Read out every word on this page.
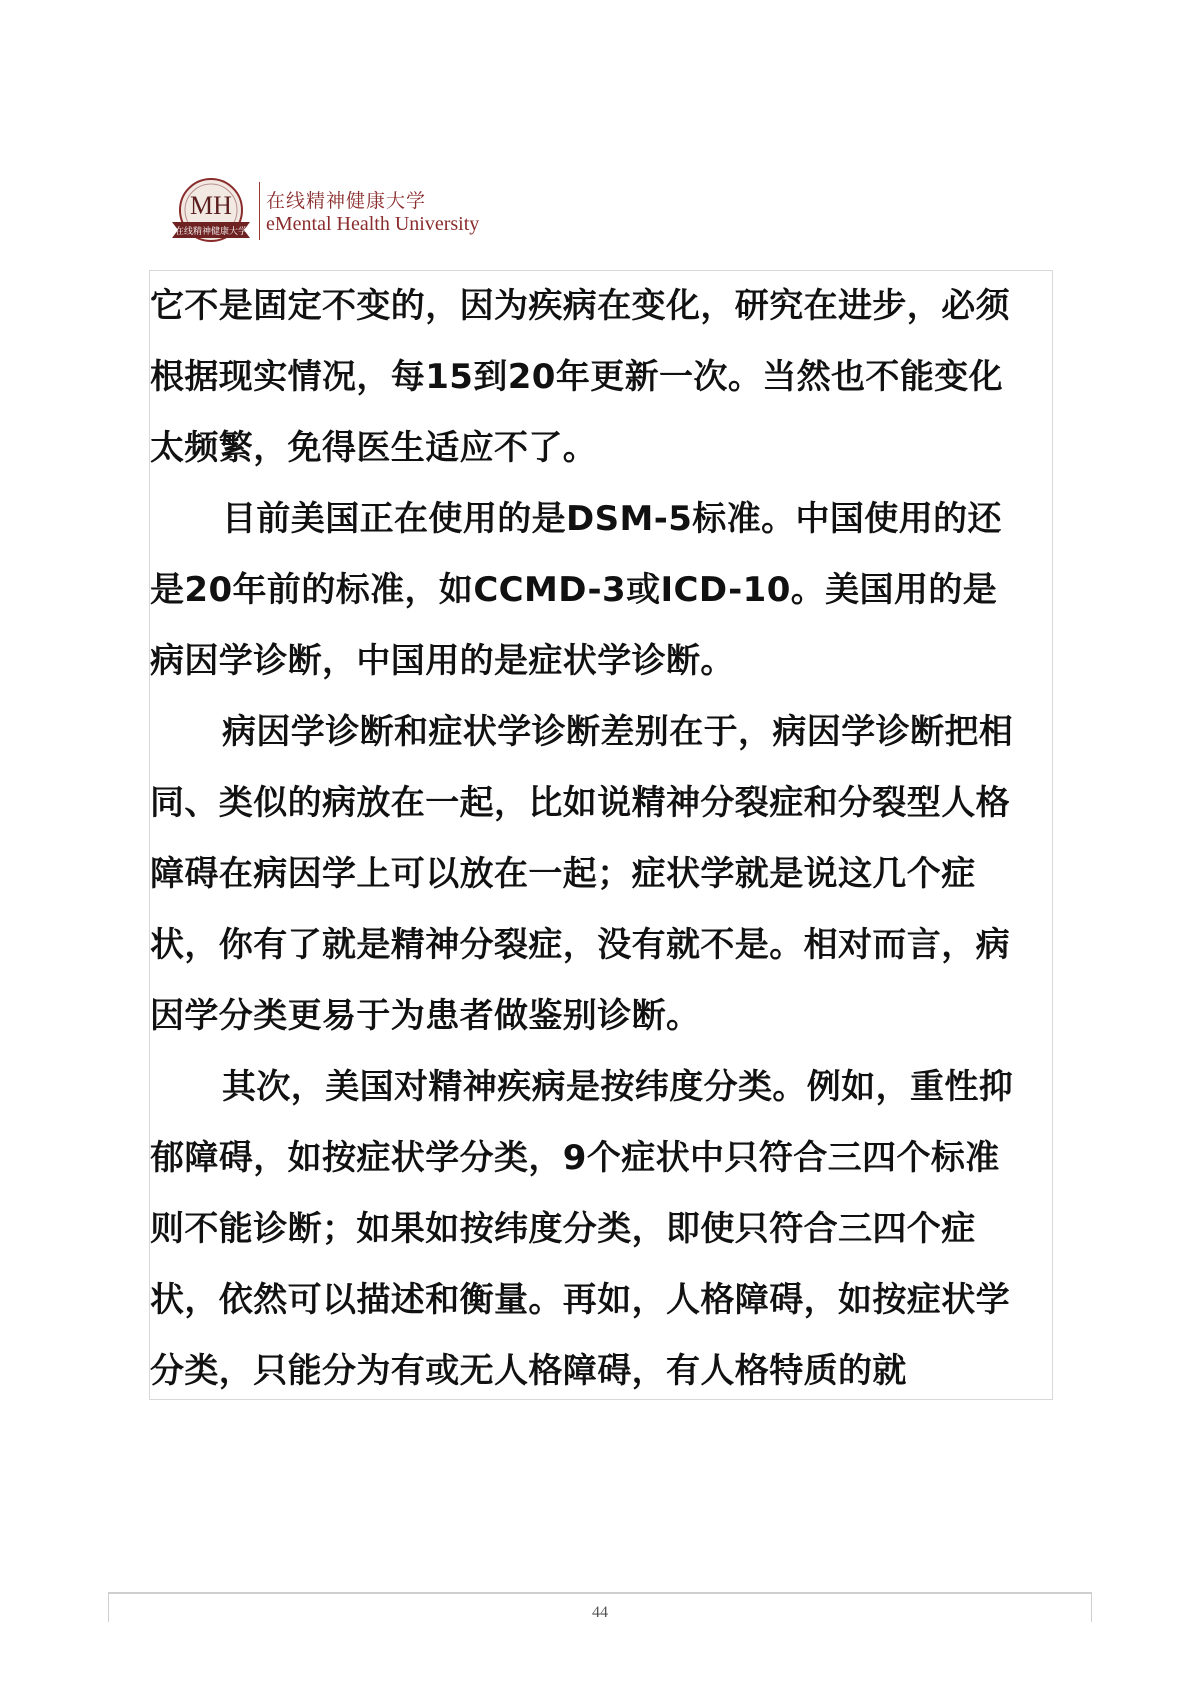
MH
在线精神健康大学
在线精神健康大学
eMental Health University

它不是固定不变的，因为疾病在变化，研究在进步，必须根据现实情况，每15到20年更新一次。当然也不能变化太频繁，免得医生适应不了。

目前美国正在使用的是DSM-5标准。中国使用的还是20年前的标准，如CCMD-3或ICD-10。美国用的是病因学诊断，中国用的是症状学诊断。

病因学诊断和症状学诊断差别在于，病因学诊断把相同、类似的病放在一起，比如说精神分裂症和分裂型人格障碍在病因学上可以放在一起；症状学就是说这几个症状，你有了就是精神分裂症，没有就不是。相对而言，病因学分类更易于为患者做鉴别诊断。

其次，美国对精神疾病是按纬度分类。例如，重性抑郁障碍，如按症状学分类，9个症状中只符合三四个标准则不能诊断；如果如按纬度分类，即使只符合三四个症状，依然可以描述和衡量。再如，人格障碍，如按症状学分类，只能分为有或无人格障碍，有人格特质的就

44
